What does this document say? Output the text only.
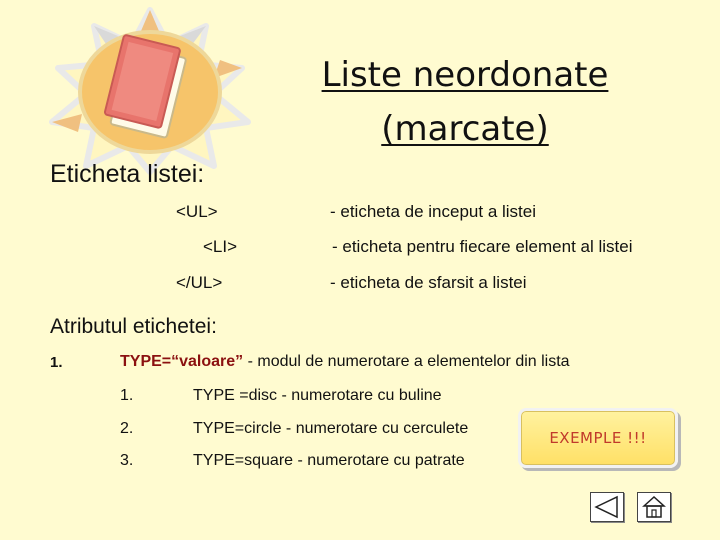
Liste neordonate
(marcate)
Eticheta listei:
<UL>	- eticheta de inceput a listei
<LI>	- eticheta pentru fiecare element al listei
</UL>	- eticheta de sfarsit a listei
Atributul etichetei:
1.	TYPE=“valoare” - modul de numerotare a elementelor din lista
1.	TYPE =disc - numerotare cu buline
2.	TYPE=circle - numerotare cu cerculete
3.	TYPE=square - numerotare cu patrate
EXEMPLE !!!
